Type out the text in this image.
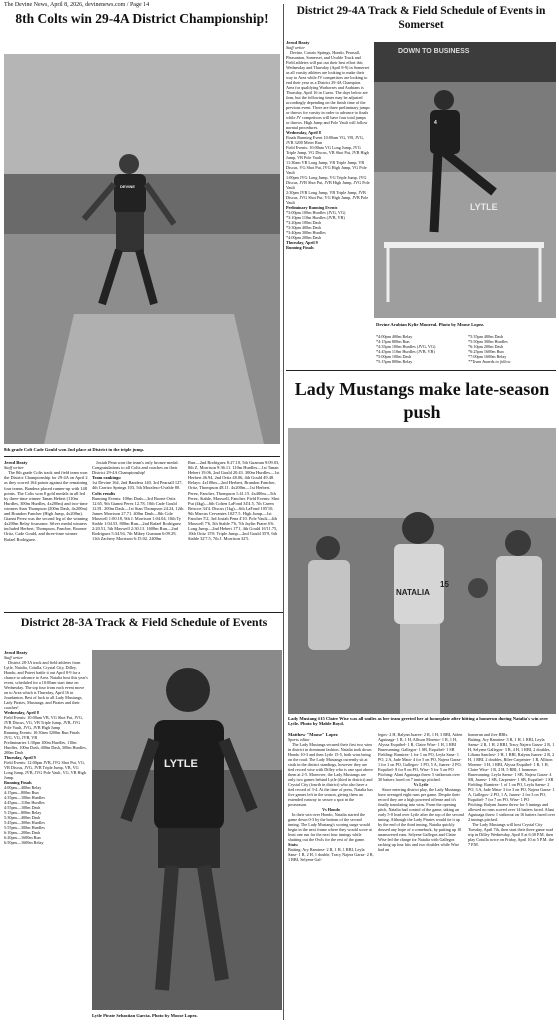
The Devine News, April 8, 2026, devinenews.com / Page 14
8th Colts win 29-4A District Championship!
DEVINE
8th grade Colt Cade Gould won 2nd place at District in the triple jump.
Jerod Beaty
Staff writer

The 8th grade Colts track and field team won the District Championship for 29-4A on April 2 as they scored 164 points against the remaining four teams. Bandera placed runner-up with 148 points. The Colts won 8 gold medals in all led by three-time winner Tanan Hebert (110m Hurdles, 300m Hurdles, 4x200m) and two-time winners Stan Thompson (200m Dash, 4x200m) and Brandon Fancher (High Jump, 4x200m). Gianni Perez was the second leg of the winning 4x200m Relay foursome. Silver medal winners included Herbert, Thompson, Fancher, Boonne Ortiz, Cade Gould, and three-time winner Rafael Rodriguez.

Josiah Pena won the team's only bronze medal. Congratulations to all Colts and coaches on their District 29-4A Championship!

Team rankings:

1st Devine 164, 2nd Bandera 140, 3rd Pearsall 127, 4th Carrizo Springs 103, 5th Moraleso-Uvalde 80.

Colts results

Running Events: 100m Dash—3rd Boone Ortiz 12.65, 9th Gianni Perez 12.78, 10th Cade Gould 12.81. 200m Dash—1st Stan Thompson 24.24, 12th James Morrison 27.71. 400m Dash—8th Cole Maxwell 1:00.18, 9th J. Morrison 1:04.04, 10th Ty Stahle 1:04.53. 800m Run—2nd Rafael Rodriguez 2:20.51, 5th Maxwell 2:30.13. 1600m Run—2nd Rodriguez 5:34.94, 7th Mikey Guzman 6:09.29, 11th Zachery Morrison 6:15.02. 2400m

Run—2nd Rodriguez 8:27.10, 5th Guzman 9:09.03, 8th Z. Morrison 9:36.11. 110m Hurdles—1st Tanan Hebert 19.06, 2nd Gould 20.43. 300m Hurdles—1st Herbert 46.94, 2nd Ortiz 48.06, 4th Gould 49.48. Relays: 4x100m—2nd Herbert, Brandon Fancher, Ortiz, Thompson 48.11. 4x200m—1st Herbert, Perez, Fancher, Thompson 1:41.15. 4x400m—5th Perez, Stahle, Maxwell, Fancher. Field Events: Shot Put (4kg)—6th Colten LaFond 34'4.5, 7th Caeen Briscoe 34'4. Discus (1kg)—6th LaFond 105'10, 9th Marcus Cervantes 102'7.5. High Jump—1st Fancher 5'2, 3rd Josiah Pena 4'10. Pole Vault—4th Maxwell 7'6, 5th Stahle 7'6, 7th Jaylin Prater 6'6. Long Jump—2nd Hebert 17'1, 4th Gould 16'11.75, 10th Ortiz 15'8. Triple Jump—2nd Gould 35'9, 6th Stahle 32'7.5, 7th J. Morrison 32'5.

District 29-4A Track & Field Schedule of Events in Somerset
Jerod Beaty
Staff writer

Devine, Castrio Springs, Hondo, Pearsall, Pleasanton, Somerset, and Uvalde Track and Field athletes will put out their best effort this Wednesday and Thursday (April 8-9) in Somerset as all varsity athletes are looking to make their way to Area while JV competitors are looking to end their year as a District 29-4A Champion. Area for qualifying Warhorses and Arabians is Thursday, April 16 in Cuero. The days below are firm, but the following times may be adjusted accordingly depending on the finish time of the previous event. There are three preliminary jumps or throws for varsity in order to advance to finals while JV competitors will have four total jumps or throws. High Jump and Pole Vault will follow normal procedures.

Wednesday, April 8
Finals Running Event 10:00am VG, VB, JVG, JVB 3200 Meter Run
Field Events: 10:00am VG Long Jump, JVG Triple Jump, VG Discus, VB Shot Put, JVB High Jump, VB Pole Vault
11:30am VB Long Jump, VB Triple Jump, VB Discus, VG Shot Put, JVG High Jump, VG Pole Vault
1:00pm JVG Long Jump, VG Triple Jump, JVG Discus, JVB Shot Put, JVB High Jump, JVG Pole Vault
2:30pm JVB Long Jump, VB Triple Jump, JVB Discus, JVG Shot Put, VG High Jump, JVB Pole Vault
Preliminary Running Events
*3:00pm 100m Hurdles (JVG, VG)
*3:10pm 110m Hurdles (JVB, VB)
*3:20pm 100m Dash
*3:30pm 400m Dash
*3:40pm 300m Hurdles
*4:00pm 200m Dash
Thursday, April 9
Running Finals
DOWN TO BUSINESS
4
LYTLE
Devine Arabian Kylie Monreal. Photo by Moose Lopez.
*4:00pm 400m Relay
*4:15pm 800m Run
*4:35pm 100m Hurdles (JVG, VG)
*4:45pm 110m Hurdles (JVB, VB)
*5:00pm 100m Dash
*5:15pm 800m Relay
*5:35pm 400m Dash
*5:50pm 300m Hurdles
*6:10pm 200m Dash
*6:25pm 1600m Run
*7:00pm 1600m Relay
**Team Awards to follow
Lady Mustangs make late-season push
NATALIA
15
Lady Mustang #15 Claire Wise was all smiles as her team greeted her at homeplate after hitting a homerun during Natalia's win over Lytle. Photo by Mable Boyd.
Matthew "Moose" Lopez
Sports editor

The Lady Mustangs secured their first two wins in district in dominant fashion. Natalia took down Hondo 10-3 and then Lytle 15-5, both wins being on the road. The Lady Mustangs currently sit at sixth in the district standings, however they are tied record wise with Dilley who is one spot above them at 2-5. Moreover, the Lady Mustangs are only two games behind Lytle (third in district) and Crystal City (fourth in district) who also have a tied record of 3-4. At the time of press, Natalia has five games left in the season, giving them an extended runway to secure a spot in the postseason.

Vs Hondo

In their win over Hondo, Natalia started the game down 0-3 by the bottom of the second inning. The Lady Mustang's scoring surge would begin in the next frame where they would score at least one run for the next four innings while shutting out the Owls for the rest of the game.

Stats:

Batting: Ary Ramirez- 2 R, 1 H, 1 RBI, Leyla Sanz- 1 R, 2 H, 1 double, Tracy Najera Garza- 2 R, 1 RBI, Selyene Gal-

legos- 2 H, Ralynn Juarez- 2 R, 1 H, 3 RBI, Aiden Aguinaga- 1 R, 1 H, Allison Moreno- 1 R, 1 H, Alyssa Esquibel- 1 R, Claire Wise- 1 H, 1 RBI

Baserunning: Gallegos- 1 SB, Esquibel- 1 SB

Fielding: Ramirez- 1 for 1 on PO, Leyla Sanz- 1 PO, 2 A, Jade Mata- 4 for 5 on PO, Najera Garza- 1 for 1 on PO, Gallegos- 1 PO, 5 A, Juarez- 2 PO, Esquibel- 8 for 8 on PO, Wise- 5 for 5 on PO

Pitching: Alani Aguinaga threw 5 strikeouts over 30 batters faced on 7 innings pitched.

Vs Lytle

Since entering district play, the Lady Mustangs have averaged eight runs per game. Despite their record they are a high powered offense and it's finally translating into wins. From the opening pitch, Natalia had control of the game, taking an early 5-0 lead over Lytle after the top of the second inning. Although the Lady Pirates would tie it up by the end of the third inning, Natalia quickly doused any hope of a comeback, by putting up 10 unanswered runs. Selyene Gallegos and Claire Wise led the charge for Natalia with Gallegos racking up four hits and two doubles while Wise had an

homerun and five RBIs.

Batting: Ary Ramirez- 3 R, 1 H, 1 RBI, Leyla Saenz- 2 R, 1 H, 2 RBI, Tracy Najera Garza- 2 R, 1 H, Selyene Gallegos- 3 R, 4 H, 1 RBI, 2 doubles, Liliana Sanchez- 1 H, 1 RBI, Ralynn Juarez- 2 R, 2 H, 1 RBI, 2 doubles, Rilee Carpenter- 1 R, Allison Moreno- 3 H, 1 RBI, Alyssa Esquibel- 1 R, 1 H, Claire Wise- 1 R, 2 H, 5 RBI, 1 homerun

Baserunning: Leyla Saenz- 1 SB, Najera Garza- 4 SB, Juarez- 1 SB, Carpenter- 1 SB, Esquibel- 1 SB

Fielding: Ramirez- 1 of 1 on PO, Leyla Saenz- 2 PO, 3 A, Jade Mata- 3 for 3 on PO, Najera Garza- 1 A, Gallegos- 2 PO, 1 A, Juarez- 2 for 3 on PO, Esquibel- 7 for 7 on PO, Wise- 1 PO

Pitching: Ralynn Juarez threw for 5 innings and allowed no runs scored over 14 batters faced. Alani Aguinaga threw 1 strikeout on 16 batters faced over 2 innings pitched.

The Lady Mustangs will host Crystal City Tuesday, April 7th, then start their three game road trip in Dilley Wednesday, April 8 at 6:30 P.M. then play Cotulla twice on Friday, April 10 at 5 P.M. the 7 P.M.

District 28-3A Track & Field Schedule of Events
Jerod Beaty
Staff writer

District 28-3A track and field athletes from Lytle, Natalia, Cotulla, Crystal City, Dilley, Hondo, and Poteet battle it out April 8-9 for a chance to advance to Area. Natalia host this year's event, scheduled for a 10:00am start time on Wednesday. The top four from each event move on to Area which is Thursday, April 16 in Jourdanton. Best of luck to all Lady Mustangs, Lady Pirates, Mustangs, and Pirates and their coaches!

Wednesday, April 8
Field Events: 10:00am VB, VG Shot Put, JVG, JVB Discus, VG, VB Triple Jump, JVB, JVG Pole Vault, JVG, JVB High Jump
Running Events: 10:30am 3200m Run Finals JVG, VG, JVB, VB
Preliminaries 1:30pm 100m Hurdles, 110m Hurdles, 100m Dash, 400m Dash, 300m Hurdles, 200m Dash
Thursday, April 9
Field Events: 12:00pm JVB, JVG Shot Put, VG, VB Discus, JVG, JVB Triple Jump, VB, VG Long Jump, JVB, JVG Pole Vault, VG, VB High Jump.
Running Finals
4:00pm—400m Relay
4:15pm—800m Run
4:35pm—100m Hurdles
4:45pm—110m Hurdles
4:55pm—100m Dash
5:15pm—800m Relay
5:30pm—400m Dash
5:45pm—300m Hurdles
5:55pm—300m Hurdles
6:10pm—200m Dash
6:20pm—1600m Run
6:50pm—1600m Relay
LYTLE
Lytle Pirate Sebastian Garcia. Photo by Moose Lopez.
